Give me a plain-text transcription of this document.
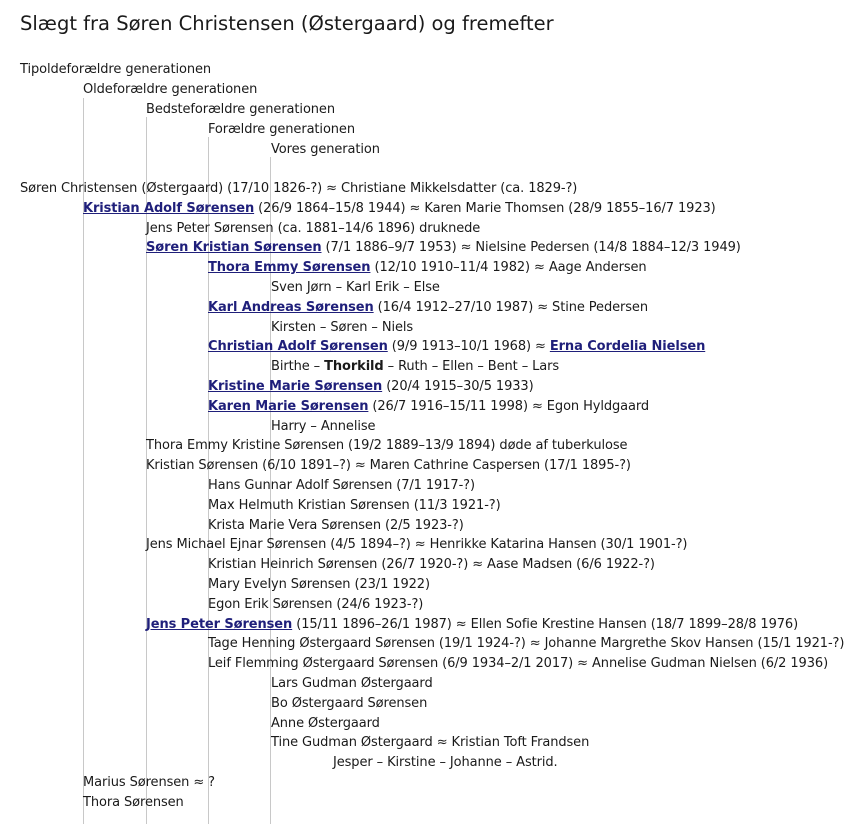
Slægt fra Søren Christensen (Østergaard) og fremefter
Tipoldeforældre generationen
Oldeforældre generationen
Bedsteforældre generationen
Forældre generationen
Vores generation
Søren Christensen (Østergaard) (17/10 1826-?) ≈ Christiane Mikkelsdatter (ca. 1829-?)
Kristian Adolf Sørensen (26/9 1864–15/8 1944) ≈ Karen Marie Thomsen (28/9 1855–16/7 1923)
Jens Peter Sørensen (ca. 1881–14/6 1896) druknede
Søren Kristian Sørensen (7/1 1886–9/7 1953) ≈ Nielsine Pedersen (14/8 1884–12/3 1949)
Thora Emmy Sørensen (12/10 1910–11/4 1982) ≈ Aage Andersen
Sven Jørn – Karl Erik – Else
Karl Andreas Sørensen (16/4 1912–27/10 1987) ≈ Stine Pedersen
Kirsten – Søren – Niels
Christian Adolf Sørensen (9/9 1913–10/1 1968) ≈ Erna Cordelia Nielsen
Birthe – Thorkild – Ruth – Ellen – Bent – Lars
Kristine Marie Sørensen (20/4 1915–30/5 1933)
Karen Marie Sørensen (26/7 1916–15/11 1998) ≈ Egon Hyldgaard
Harry – Annelise
Thora Emmy Kristine Sørensen (19/2 1889–13/9 1894) døde af tuberkulose
Kristian Sørensen (6/10 1891–?) ≈ Maren Cathrine Caspersen (17/1 1895-?)
Hans Gunnar Adolf Sørensen (7/1 1917-?)
Max Helmuth Kristian Sørensen (11/3 1921-?)
Krista Marie Vera Sørensen (2/5 1923-?)
Jens Michael Ejnar Sørensen (4/5 1894–?) ≈ Henrikke Katarina Hansen (30/1 1901-?)
Kristian Heinrich Sørensen (26/7 1920-?) ≈ Aase Madsen (6/6 1922-?)
Mary Evelyn Sørensen (23/1 1922)
Egon Erik Sørensen (24/6 1923-?)
Jens Peter Sørensen (15/11 1896–26/1 1987) ≈ Ellen Sofie Krestine Hansen (18/7 1899–28/8 1976)
Tage Henning Østergaard Sørensen (19/1 1924-?) ≈ Johanne Margrethe Skov Hansen (15/1 1921-?)
Leif Flemming Østergaard Sørensen (6/9 1934–2/1 2017) ≈ Annelise Gudman Nielsen (6/2 1936)
Lars Gudman Østergaard
Bo Østergaard Sørensen
Anne Østergaard
Tine Gudman Østergaard ≈ Kristian Toft Frandsen
Jesper – Kirstine – Johanne – Astrid.
Marius Sørensen ≈ ?
Thora Sørensen
